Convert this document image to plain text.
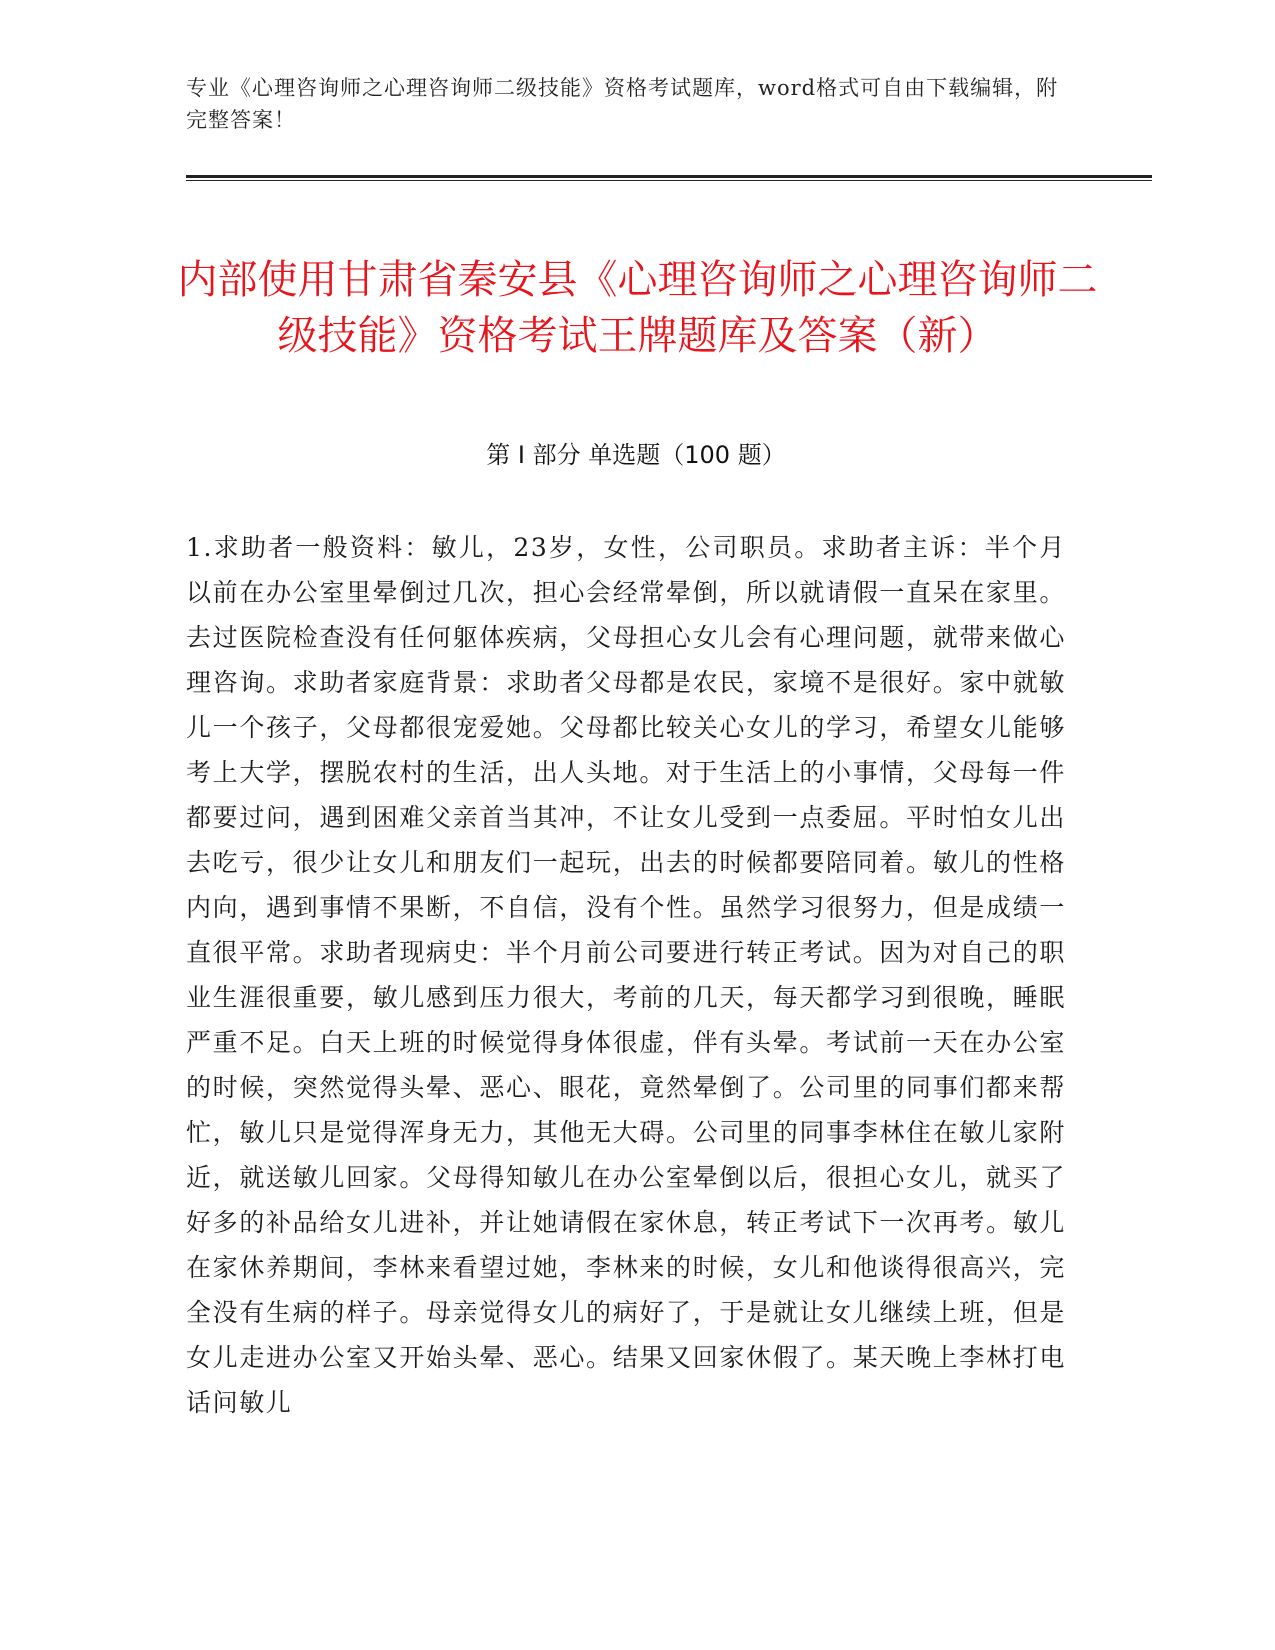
专业《心理咨询师之心理咨询师二级技能》资格考试题库，word格式可自由下载编辑，附完整答案！
内部使用甘肃省秦安县《心理咨询师之心理咨询师二级技能》资格考试王牌题库及答案（新）
第 I 部分 单选题（100 题）
1.求助者一般资料：敏儿，23岁，女性，公司职员。求助者主诉：半个月以前在办公室里晕倒过几次，担心会经常晕倒，所以就请假一直呆在家里。去过医院检查没有任何躯体疾病，父母担心女儿会有心理问题，就带来做心理咨询。求助者家庭背景：求助者父母都是农民，家境不是很好。家中就敏儿一个孩子，父母都很宠爱她。父母都比较关心女儿的学习，希望女儿能够考上大学，摆脱农村的生活，出人头地。对于生活上的小事情，父母每一件都要过问，遇到困难父亲首当其冲，不让女儿受到一点委屈。平时怕女儿出去吃亏，很少让女儿和朋友们一起玩，出去的时候都要陪同着。敏儿的性格内向，遇到事情不果断，不自信，没有个性。虽然学习很努力，但是成绩一直很平常。求助者现病史：半个月前公司要进行转正考试。因为对自己的职业生涯很重要，敏儿感到压力很大，考前的几天，每天都学习到很晚，睡眠严重不足。白天上班的时候觉得身体很虚，伴有头晕。考试前一天在办公室的时候，突然觉得头晕、恶心、眼花，竟然晕倒了。公司里的同事们都来帮忙，敏儿只是觉得浑身无力，其他无大碍。公司里的同事李林住在敏儿家附近，就送敏儿回家。父母得知敏儿在办公室晕倒以后，很担心女儿，就买了好多的补品给女儿进补，并让她请假在家休息，转正考试下一次再考。敏儿在家休养期间，李林来看望过她，李林来的时候，女儿和他谈得很高兴，完全没有生病的样子。母亲觉得女儿的病好了，于是就让女儿继续上班，但是女儿走进办公室又开始头晕、恶心。结果又回家休假了。某天晚上李林打电话问敏儿
